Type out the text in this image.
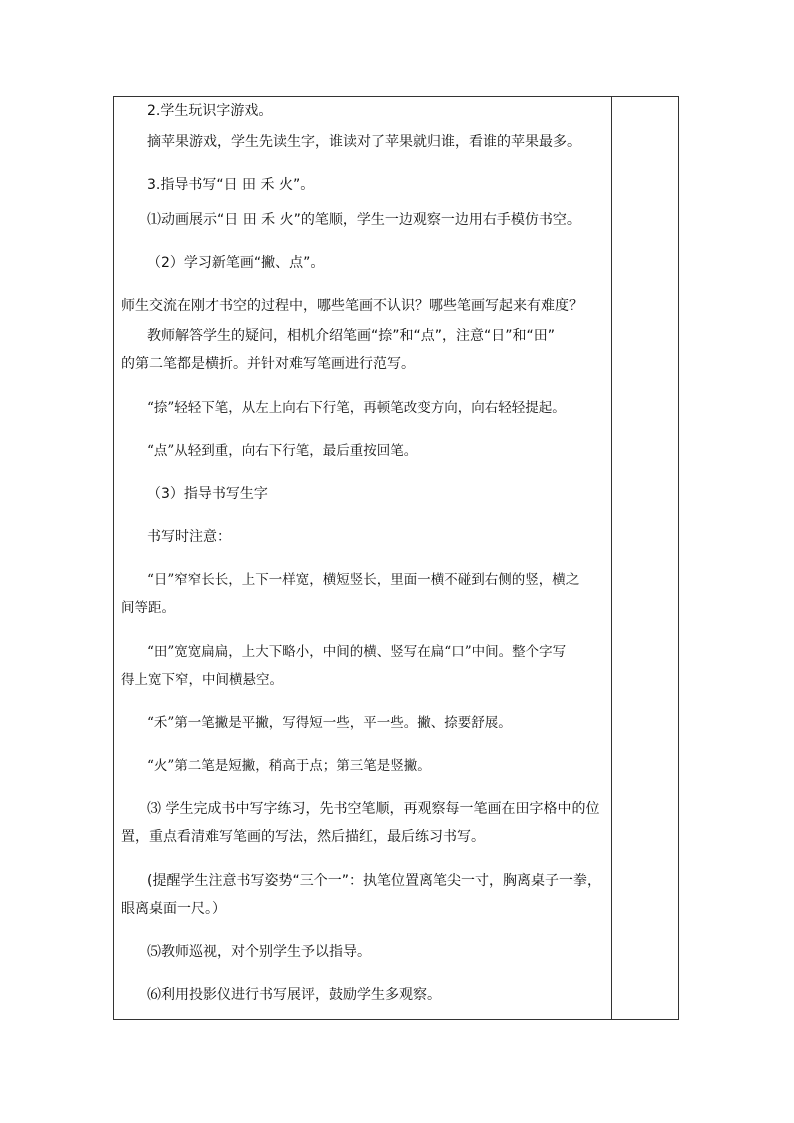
2.学生玩识字游戏。
摘苹果游戏，学生先读生字，谁读对了苹果就归谁，看谁的苹果最多。
3.指导书写“日 田 禾 火”。
⑴动画展示“日 田 禾 火”的笔顺，学生一边观察一边用右手模仿书空。
（2）学习新笔画“撇、点”。
师生交流在刚才书空的过程中，哪些笔画不认识？哪些笔画写起来有难度？
教师解答学生的疑问，相机介绍笔画“捺”和“点”，注意“日”和“田”
的第二笔都是横折。并针对难写笔画进行范写。
“捺”轻轻下笔，从左上向右下行笔，再顿笔改变方向，向右轻轻提起。
“点”从轻到重，向右下行笔，最后重按回笔。
（3）指导书写生字
书写时注意：
“日”窄窄长长，上下一样宽，横短竖长，里面一横不碰到右侧的竖，横之
间等距。
“田”宽宽扁扁，上大下略小，中间的横、竖写在扁“口”中间。整个字写
得上宽下窄，中间横悬空。
“禾”第一笔撇是平撇，写得短一些，平一些。撇、捺要舒展。
“火”第二笔是短撇，稍高于点；第三笔是竖撇。
⑶ 学生完成书中写字练习，先书空笔顺，再观察每一笔画在田字格中的位
置，重点看清难写笔画的写法，然后描红，最后练习书写。
(提醒学生注意书写姿势“三个一”：执笔位置离笔尖一寸，胸离桌子一拳，
眼离桌面一尺。）
⑸教师巡视，对个别学生予以指导。
⑹利用投影仪进行书写展评，鼓励学生多观察。
